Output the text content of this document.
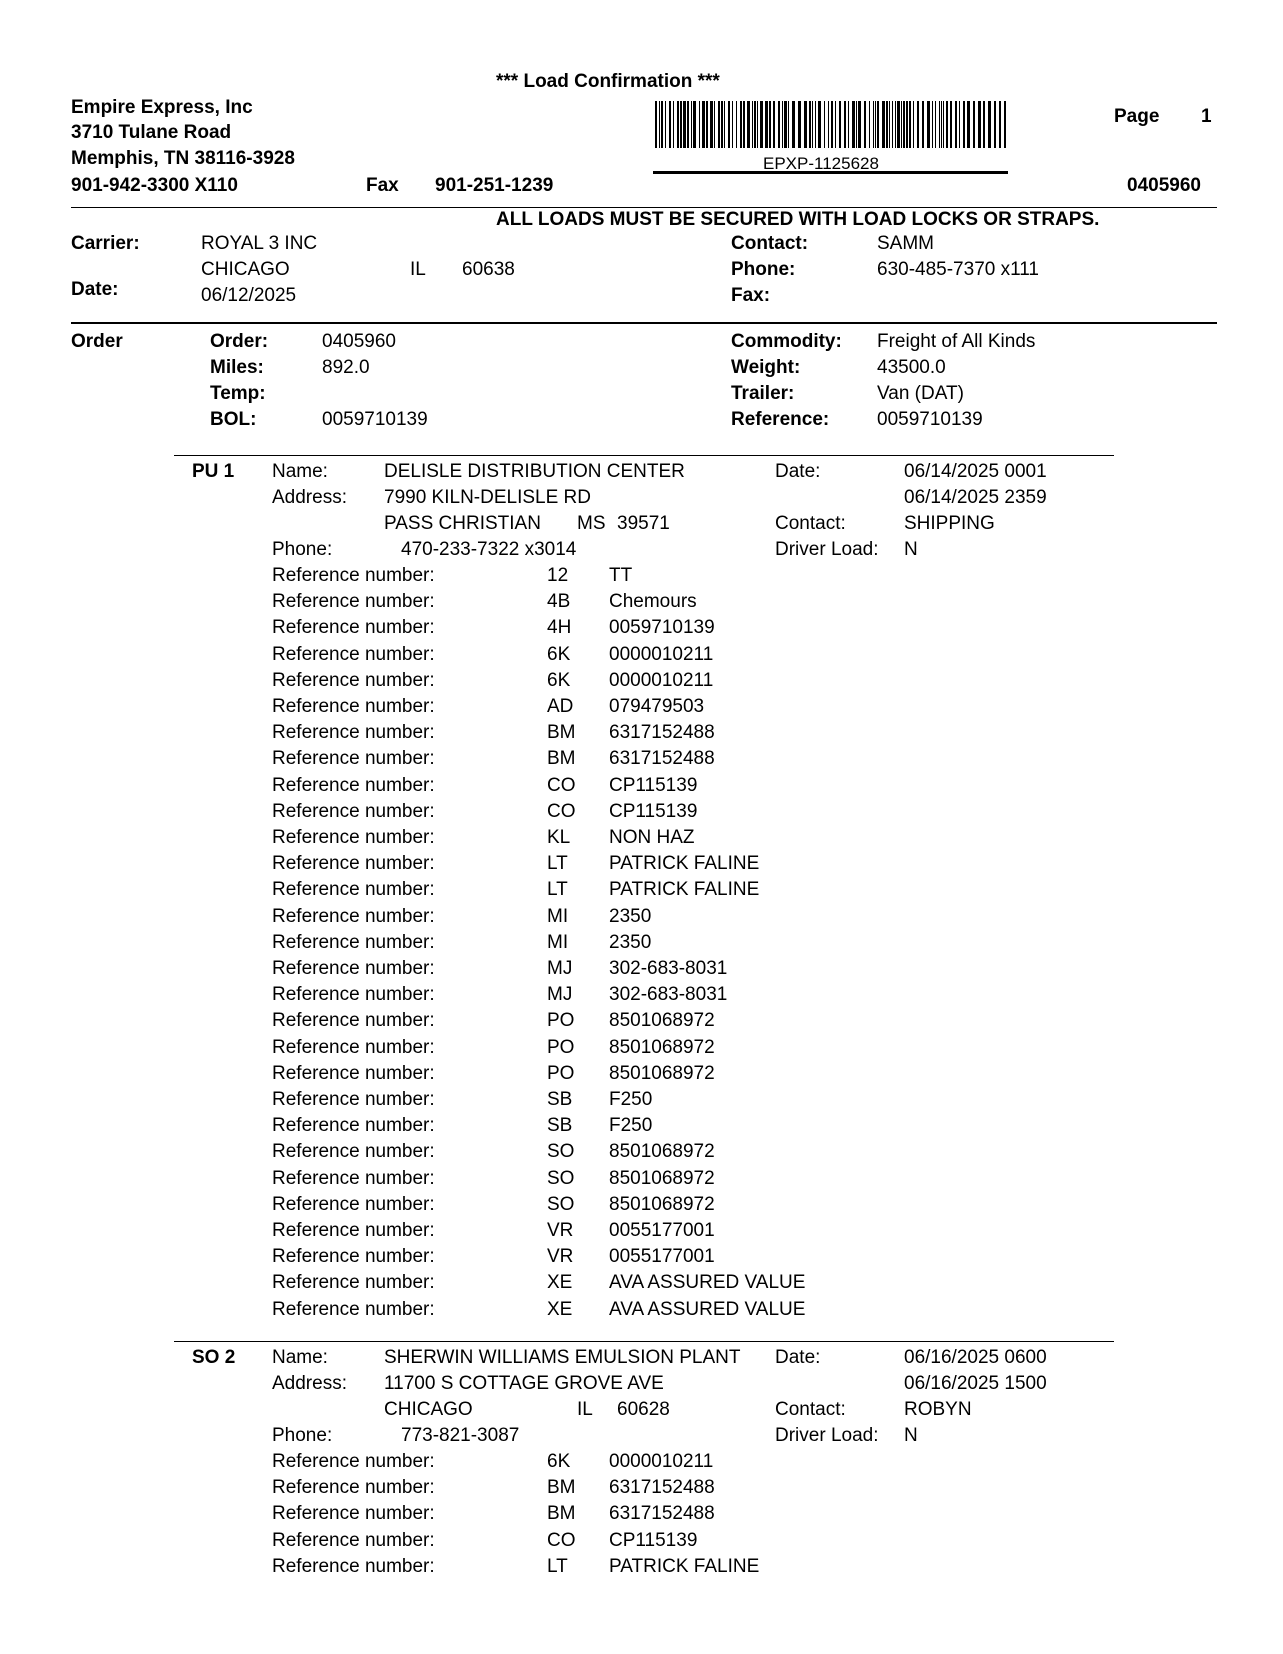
*** Load Confirmation ***
Empire Express, Inc
3710 Tulane Road
Memphis, TN 38116-3928
901-942-3300 X110	Fax 901-251-1239
EPXP-1125628
Page 1
0405960
ALL LOADS MUST BE SECURED WITH LOAD LOCKS OR STRAPS.
Carrier:	ROYAL 3 INC
CHICAGO	IL 60638
Date:	06/12/2025
Contact:	SAMM
Phone:	630-485-7370 x111
Fax:
Order	Order:	0405960
Miles:	892.0
Temp:
BOL:	0059710139
Commodity: Freight of All Kinds
Weight:	43500.0
Trailer:	Van (DAT)
Reference:	0059710139
PU 1 Name:	DELISLE DISTRIBUTION CENTER
Address: 7990 KILN-DELISLE RD
PASS CHRISTIAN MS 39571
Phone:	470-233-7322 x3014
Date:	06/14/2025 0001
06/14/2025 2359
Contact:	SHIPPING
Driver Load: N
Reference number:	12 TT
Reference number:	4B Chemours
Reference number:	4H 0059710139
Reference number:	6K 0000010211
Reference number:	6K 0000010211
Reference number:	AD 079479503
Reference number:	BM 6317152488
Reference number:	BM 6317152488
Reference number:	CO CP115139
Reference number:	CO CP115139
Reference number:	KL NON HAZ
Reference number:	LT PATRICK FALINE
Reference number:	LT PATRICK FALINE
Reference number:	MI 2350
Reference number:	MI 2350
Reference number:	MJ 302-683-8031
Reference number:	MJ 302-683-8031
Reference number:	PO 8501068972
Reference number:	PO 8501068972
Reference number:	PO 8501068972
Reference number:	SB F250
Reference number:	SB F250
Reference number:	SO 8501068972
Reference number:	SO 8501068972
Reference number:	SO 8501068972
Reference number:	VR 0055177001
Reference number:	VR 0055177001
Reference number:	XE AVA ASSURED VALUE
Reference number:	XE AVA ASSURED VALUE
SO 2 Name:	SHERWIN WILLIAMS EMULSION PLANT
Address: 11700 S COTTAGE GROVE AVE
CHICAGO	IL 60628
Phone:	773-821-3087
Date:	06/16/2025 0600
06/16/2025 1500
Contact:	ROBYN
Driver Load: N
Reference number:	6K 0000010211
Reference number:	BM 6317152488
Reference number:	BM 6317152488
Reference number:	CO CP115139
Reference number:	LT PATRICK FALINE
